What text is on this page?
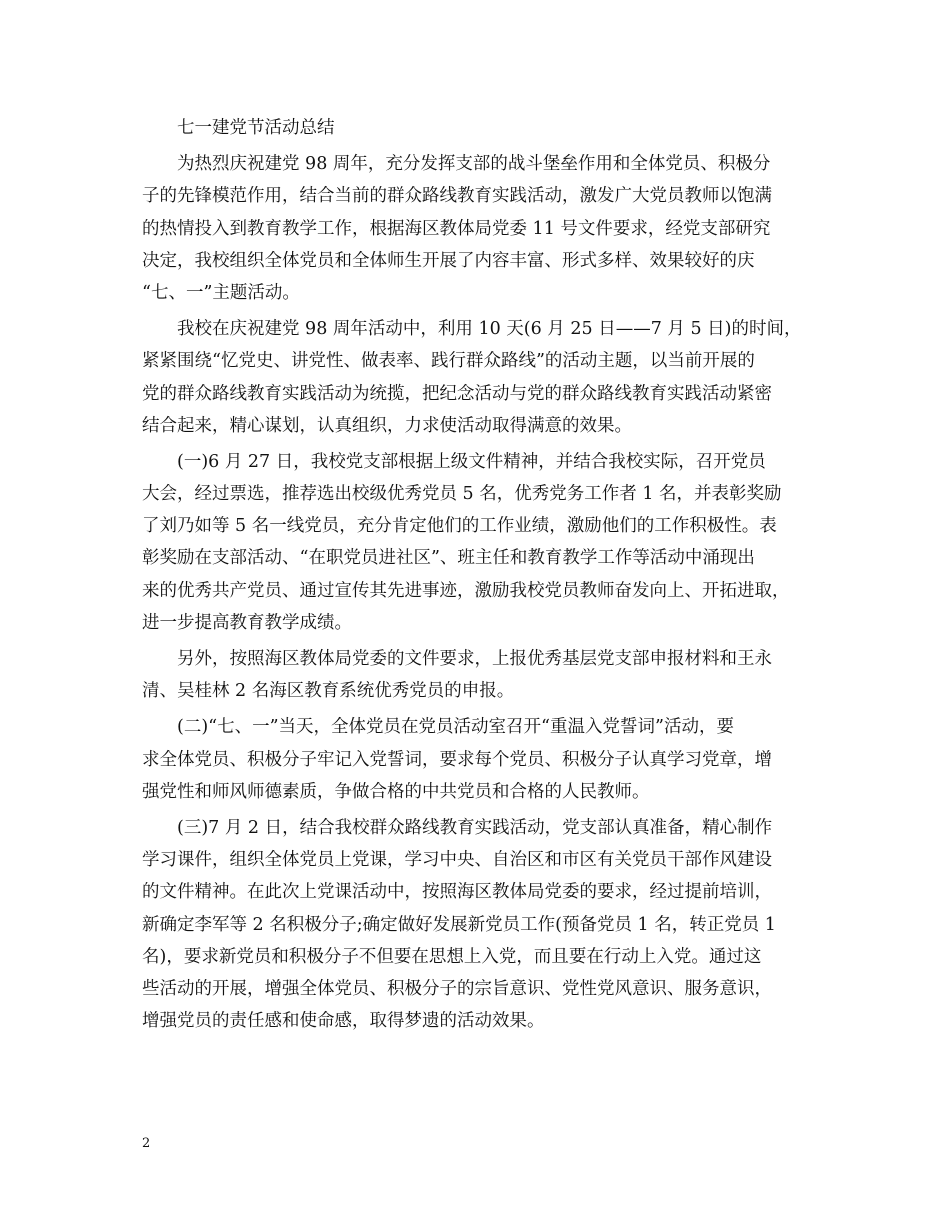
七一建党节活动总结
为热烈庆祝建党 98 周年，充分发挥支部的战斗堡垒作用和全体党员、积极分
子的先锋模范作用，结合当前的群众路线教育实践活动，激发广大党员教师以饱满
的热情投入到教育教学工作，根据海区教体局党委 11 号文件要求，经党支部研究
决定，我校组织全体党员和全体师生开展了内容丰富、形式多样、效果较好的庆
“七、一”主题活动。
我校在庆祝建党 98 周年活动中，利用 10 天(6 月 25 日——7 月 5 日)的时间，
紧紧围绕“忆党史、讲党性、做表率、践行群众路线”的活动主题，以当前开展的
党的群众路线教育实践活动为统揽，把纪念活动与党的群众路线教育实践活动紧密
结合起来，精心谋划，认真组织，力求使活动取得满意的效果。
(一)6 月 27 日，我校党支部根据上级文件精神，并结合我校实际，召开党员
大会，经过票选，推荐选出校级优秀党员 5 名，优秀党务工作者 1 名，并表彰奖励
了刘乃如等 5 名一线党员，充分肯定他们的工作业绩，激励他们的工作积极性。表
彰奖励在支部活动、“在职党员进社区”、班主任和教育教学工作等活动中涌现出
来的优秀共产党员、通过宣传其先进事迹，激励我校党员教师奋发向上、开拓进取，
进一步提高教育教学成绩。
另外，按照海区教体局党委的文件要求，上报优秀基层党支部申报材料和王永
清、吴桂林 2 名海区教育系统优秀党员的申报。
(二)“七、一”当天，全体党员在党员活动室召开“重温入党誓词”活动，要
求全体党员、积极分子牢记入党誓词，要求每个党员、积极分子认真学习党章，增
强党性和师风师德素质，争做合格的中共党员和合格的人民教师。
(三)7 月 2 日，结合我校群众路线教育实践活动，党支部认真准备，精心制作
学习课件，组织全体党员上党课，学习中央、自治区和市区有关党员干部作风建设
的文件精神。在此次上党课活动中，按照海区教体局党委的要求，经过提前培训，
新确定李军等 2 名积极分子;确定做好发展新党员工作(预备党员 1 名，转正党员 1
名)，要求新党员和积极分子不但要在思想上入党，而且要在行动上入党。通过这
些活动的开展，增强全体党员、积极分子的宗旨意识、党性党风意识、服务意识，
增强党员的责任感和使命感，取得梦遗的活动效果。
2
